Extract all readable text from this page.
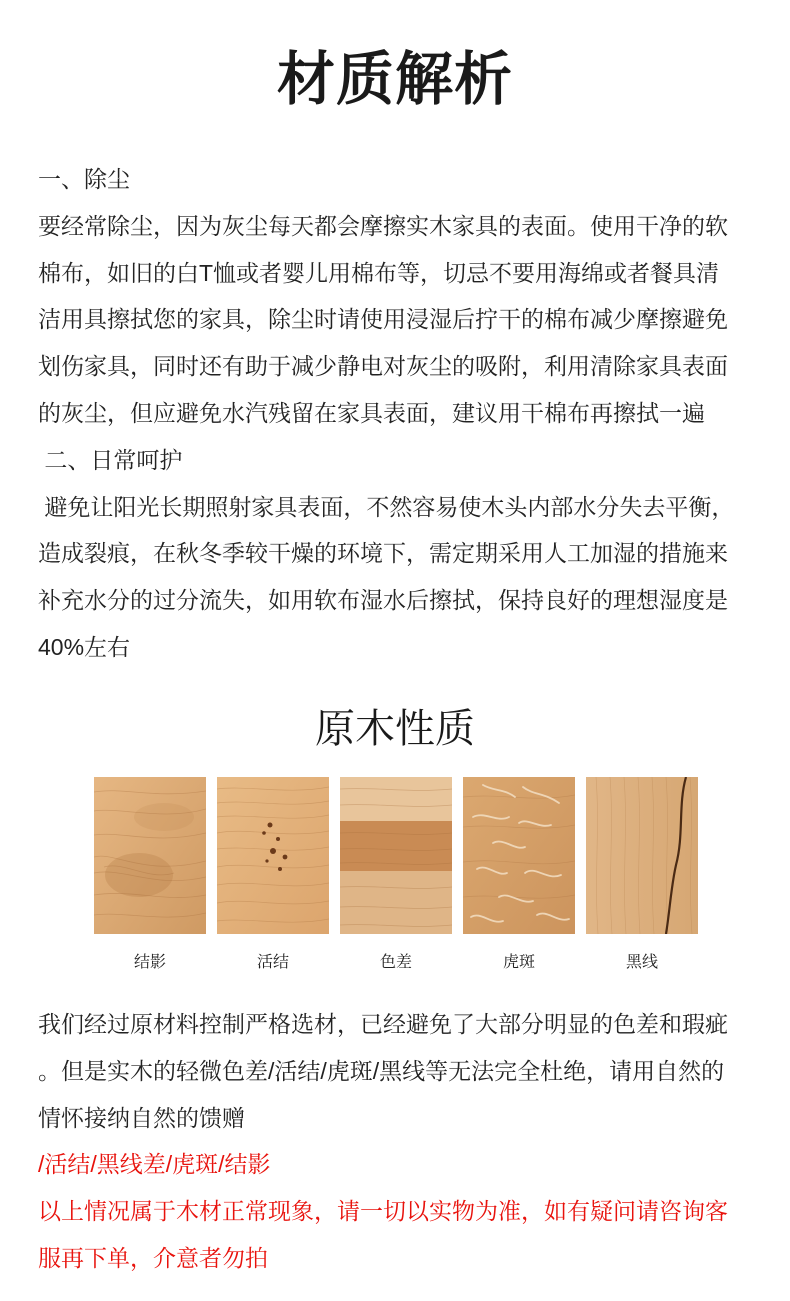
材质解析
一、除尘
要经常除尘，因为灰尘每天都会摩擦实木家具的表面。使用干净的软
棉布，如旧的白T恤或者婴儿用棉布等，切忌不要用海绵或者餐具清
洁用具擦拭您的家具，除尘时请使用浸湿后拧干的棉布减少摩擦避免
划伤家具，同时还有助于减少静电对灰尘的吸附，利用清除家具表面
的灰尘，但应避免水汽残留在家具表面，建议用干棉布再擦拭一遍
二、日常呵护
避免让阳光长期照射家具表面，不然容易使木头内部水分失去平衡，
造成裂痕，在秋冬季较干燥的环境下，需定期采用人工加湿的措施来
补充水分的过分流失，如用软布湿水后擦拭，保持良好的理想湿度是
40%左右
原木性质
结影	活结	色差	虎斑	黑线
我们经过原材料控制严格选材，已经避免了大部分明显的色差和瑕疵
。但是实木的轻微色差/活结/虎斑/黑线等无法完全杜绝，请用自然的
情怀接纳自然的馈赠
/活结/黑线差/虎斑/结影
以上情况属于木材正常现象，请一切以实物为准，如有疑问请咨询客
服再下单，介意者勿拍
